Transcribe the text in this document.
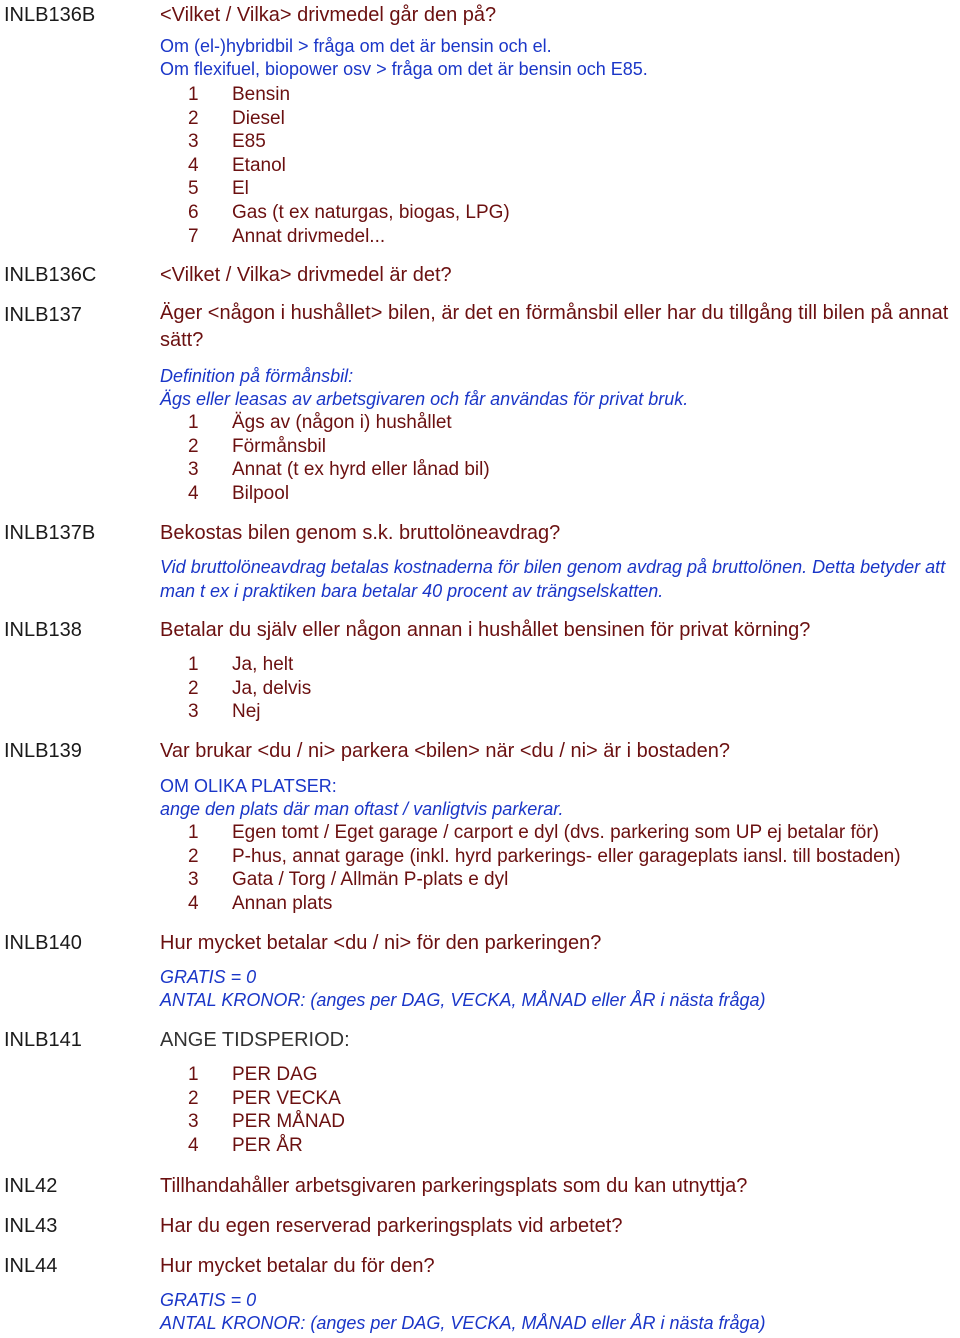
INLB136B	<Vilket / Vilka> drivmedel går den på?
Om (el-)hybridbil > fråga om det är bensin och el.
Om flexifuel, biopower osv > fråga om det är bensin och E85.
1 Bensin
2 Diesel
3 E85
4 Etanol
5 El
6 Gas (t ex naturgas, biogas, LPG)
7 Annat drivmedel...
INLB136C	<Vilket / Vilka> drivmedel är det?
INLB137	Äger <någon i hushållet> bilen, är det en förmånsbil eller har du tillgång till bilen på annat sätt?
Definition på förmånsbil:
Ägs eller leasas av arbetsgivaren och får användas för privat bruk.
1 Ägs av (någon i) hushållet
2 Förmånsbil
3 Annat (t ex hyrd eller lånad bil)
4 Bilpool
INLB137B	Bekostas bilen genom s.k. bruttolöneavdrag?
Vid bruttolöneavdrag betalas kostnaderna för bilen genom avdrag på bruttolönen. Detta betyder att man t ex i praktiken bara betalar 40 procent av trängselskatten.
INLB138	Betalar du själv eller någon annan i hushållet bensinen för privat körning?
1 Ja, helt
2 Ja, delvis
3 Nej
INLB139	Var brukar <du / ni> parkera <bilen> när <du / ni> är i bostaden?
OM OLIKA PLATSER:
ange den plats där man oftast / vanligtvis parkerar.
1 Egen tomt / Eget garage / carport e dyl (dvs. parkering som UP ej betalar för)
2 P-hus, annat garage (inkl. hyrd parkerings- eller garageplats iansl. till bostaden)
3 Gata / Torg / Allmän P-plats e dyl
4 Annan plats
INLB140	Hur mycket betalar <du / ni> för den parkeringen?
GRATIS = 0
ANTAL KRONOR: (anges per DAG, VECKA, MÅNAD eller ÅR i nästa fråga)
INLB141	ANGE TIDSPERIOD:
1 PER DAG
2 PER VECKA
3 PER MÅNAD
4 PER ÅR
INL42	Tillhandahåller arbetsgivaren parkeringsplats som du kan utnyttja?
INL43	Har du egen reserverad parkeringsplats vid arbetet?
INL44	Hur mycket betalar du för den?
GRATIS = 0
ANTAL KRONOR: (anges per DAG, VECKA, MÅNAD eller ÅR i nästa fråga)
